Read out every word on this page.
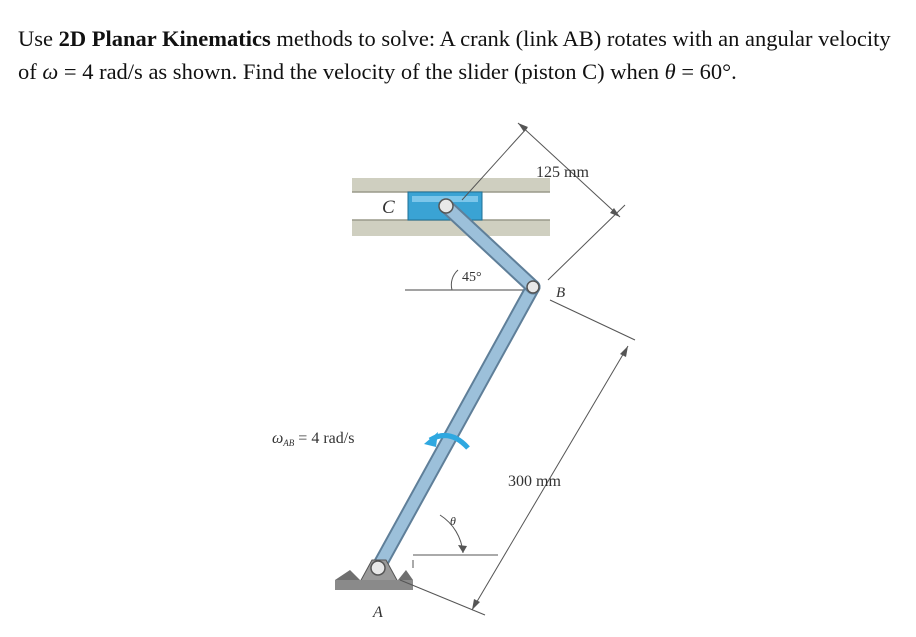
Use 2D Planar Kinematics methods to solve: A crank (link AB) rotates with an angular velocity of ω = 4 rad/s as shown. Find the velocity of the slider (piston C) when θ = 60°.
C
B
A
45°
125 mm
300 mm
θ
ωAB = 4 rad/s
